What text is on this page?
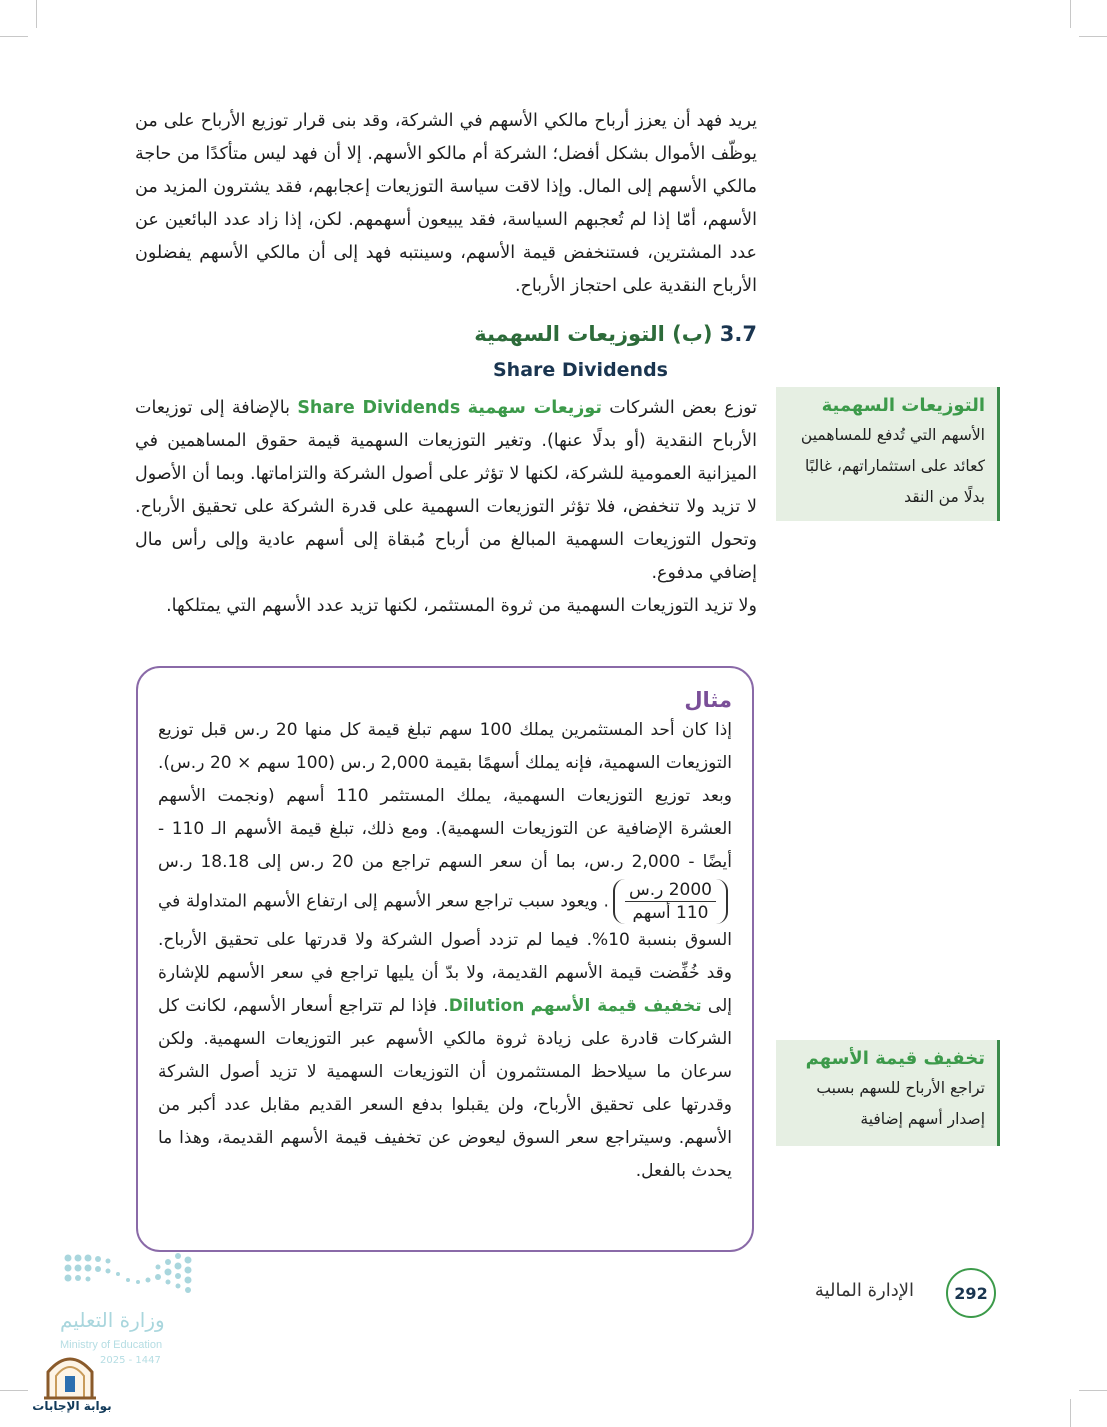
يريد فهد أن يعزز أرباح مالكي الأسهم في الشركة، وقد بنى قرار توزيع الأرباح على من يوظّف الأموال بشكل أفضل؛ الشركة أم مالكو الأسهم. إلا أن فهد ليس متأكدًا من حاجة مالكي الأسهم إلى المال. وإذا لاقت سياسة التوزيعات إعجابهم، فقد يشترون المزيد من الأسهم، أمّا إذا لم تُعجبهم السياسة، فقد يبيعون أسهمهم. لكن، إذا زاد عدد البائعين عن عدد المشترين، فستنخفض قيمة الأسهم، وسينتبه فهد إلى أن مالكي الأسهم يفضلون الأرباح النقدية على احتجاز الأرباح.

3.7 (ب) التوزيعات السهمية
Share Dividends

توزع بعض الشركات توزيعات سهمية Share Dividends بالإضافة إلى توزيعات الأرباح النقدية (أو بدلًا عنها). وتغير التوزيعات السهمية قيمة حقوق المساهمين في الميزانية العمومية للشركة، لكنها لا تؤثر على أصول الشركة والتزاماتها. وبما أن الأصول لا تزيد ولا تنخفض، فلا تؤثر التوزيعات السهمية على قدرة الشركة على تحقيق الأرباح. وتحول التوزيعات السهمية المبالغ من أرباح مُبقاة إلى أسهم عادية وإلى رأس مال إضافي مدفوع.

ولا تزيد التوزيعات السهمية من ثروة المستثمر، لكنها تزيد عدد الأسهم التي يمتلكها.

مثال

إذا كان أحد المستثمرين يملك 100 سهم تبلغ قيمة كل منها 20 ر.س قبل توزيع التوزيعات السهمية، فإنه يملك أسهمًا بقيمة 2,000 ر.س (100 سهم × 20 ر.س). وبعد توزيع التوزيعات السهمية، يملك المستثمر 110 أسهم (ونجمت الأسهم العشرة الإضافية عن التوزيعات السهمية). ومع ذلك، تبلغ قيمة الأسهم الـ 110 - أيضًا - 2,000 ر.س، بما أن سعر السهم تراجع من 20 ر.س إلى 18.18 ر.س
$\frac{\text{2000 ر.س}}{\text{110 أسهم}}$
. ويعود سبب تراجع سعر الأسهم إلى ارتفاع الأسهم المتداولة في السوق بنسبة 10%. فيما لم تزدد أصول الشركة ولا قدرتها على تحقيق الأرباح. وقد خُفِّضت قيمة الأسهم القديمة، ولا بدّ أن يليها تراجع في سعر الأسهم للإشارة إلى تخفيف قيمة الأسهم Dilution. فإذا لم تتراجع أسعار الأسهم، لكانت كل الشركات قادرة على زيادة ثروة مالكي الأسهم عبر التوزيعات السهمية. ولكن سرعان ما سيلاحظ المستثمرون أن التوزيعات السهمية لا تزيد أصول الشركة وقدرتها على تحقيق الأرباح، ولن يقبلوا بدفع السعر القديم مقابل عدد أكبر من الأسهم. وسيتراجع سعر السوق ليعوض عن تخفيف قيمة الأسهم القديمة، وهذا ما يحدث بالفعل.

التوزيعات السهمية

الأسهم التي تُدفع للمساهمين كعائد على استثماراتهم، غالبًا بدلًا من النقد

تخفيف قيمة الأسهم

تراجع الأرباح للسهم بسبب إصدار أسهم إضافية

292
الإدارة المالية
وزارة التعليم
Ministry of Education
2025 - 1447
بوابة الإجابات
